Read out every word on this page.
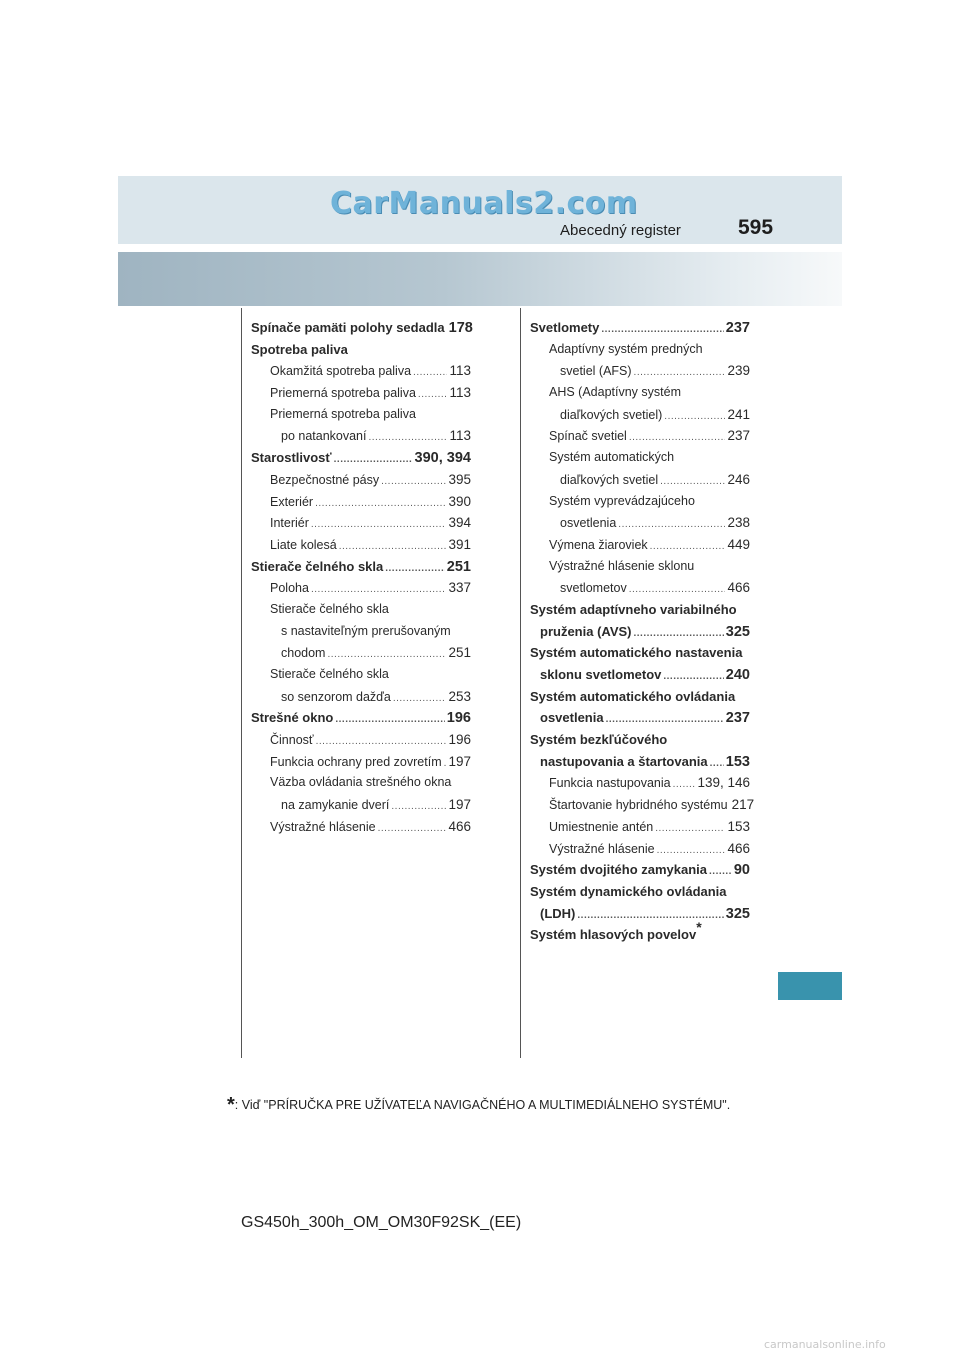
CarManuals2.com
Abecedný register	595
Spínače pamäti polohy sedadla 178
Spotreba paliva
Okamžitá spotreba paliva .....	113
Priemerná spotreba paliva ..... 113
Priemerná spotreba paliva
po natankovaní .....	113
Starostlivosť .....	390, 394
Bezpečnostné pásy .....	395
Exteriér .....	390
Interiér .....	394
Liate kolesá .....	391
Stierače čelného skla .....	251
Poloha .....	337
Stierače čelného skla
s nastaviteľným prerušovaným
chodom .....	251
Stierače čelného skla
so senzorom dažďa .....	253
Strešné okno .....	196
Činnosť .....	196
Funkcia ochrany pred zovretím ..... 197
Väzba ovládania strešného okna
na zamykanie dverí .....	197
Výstražné hlásenie .....	466
Svetlomety .....	237
Adaptívny systém predných
svetiel (AFS) .....	239
AHS (Adaptívny systém
diaľkových svetiel) .....	241
Spínač svetiel .....	237
Systém automatických
diaľkových svetiel .....	246
Systém vyprevádzajúceho
osvetlenia .....	238
Výmena žiaroviek .....	449
Výstražné hlásenie sklonu
svetlometov .....	466
Systém adaptívneho variabilného
pruženia (AVS) .....	325
Systém automatického nastavenia
sklonu svetlometov .....	240
Systém automatického ovládania
osvetlenia .....	237
Systém bezkľúčového
nastupovania a štartovania ..... 153
Funkcia nastupovania ..... 139, 146
Štartovanie hybridného systému 217
Umiestnenie antén .....	153
Výstražné hlásenie .....	466
Systém dvojitého zamykania ..... 90
Systém dynamického ovládania
(LDH) .....	325
Systém hlasových povelov*
*: Viď "PRÍRUČKA PRE UŽÍVATEĽA NAVIGAČNÉHO A MULTIMEDIÁLNEHO SYSTÉMU".
GS450h_300h_OM_OM30F92SK_(EE)
carmanualsonline.info
